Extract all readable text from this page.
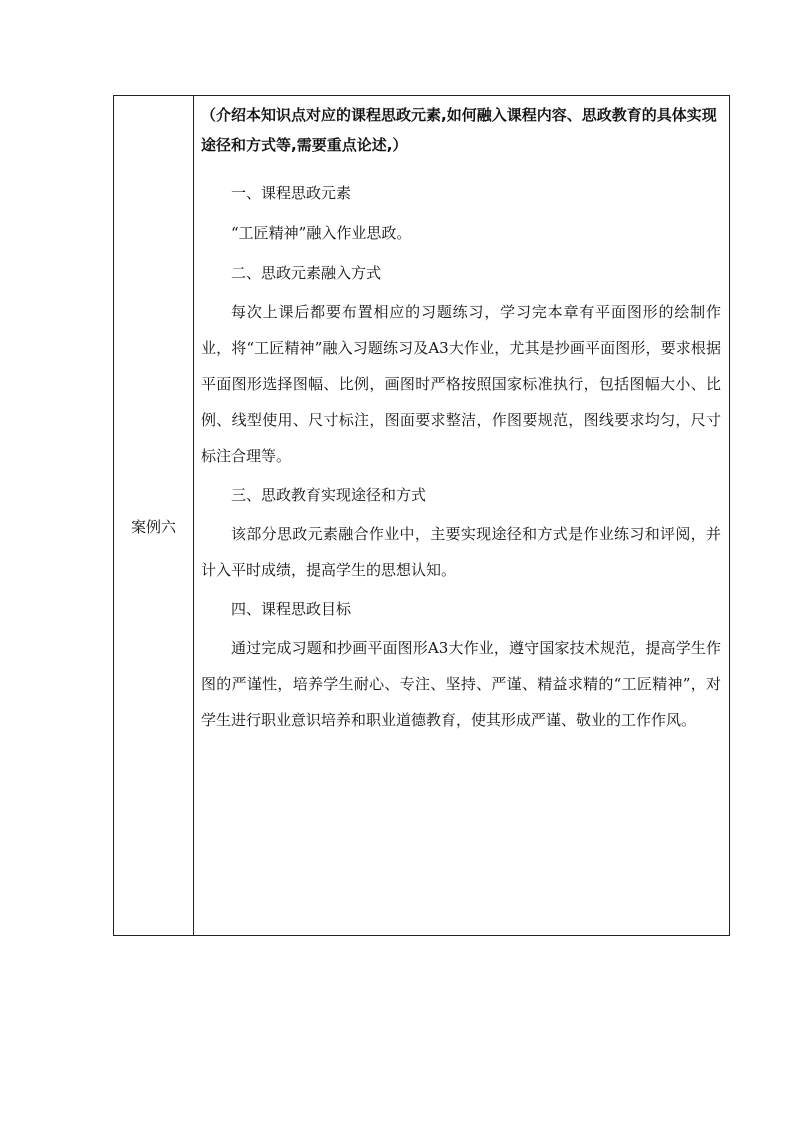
案例六

（介绍本知识点对应的课程思政元素,如何融入课程内容、思政教育的具体实现途径和方式等,需要重点论述,）

一、课程思政元素

“工匠精神”融入作业思政。

二、思政元素融入方式

每次上课后都要布置相应的习题练习，学习完本章有平面图形的绘制作业，将“工匠精神”融入习题练习及A3大作业，尤其是抄画平面图形，要求根据平面图形选择图幅、比例，画图时严格按照国家标准执行，包括图幅大小、比例、线型使用、尺寸标注，图面要求整洁，作图要规范，图线要求均匀，尺寸标注合理等。

三、思政教育实现途径和方式

该部分思政元素融合作业中，主要实现途径和方式是作业练习和评阅，并计入平时成绩，提高学生的思想认知。

四、课程思政目标

通过完成习题和抄画平面图形A3大作业，遵守国家技术规范，提高学生作图的严谨性，培养学生耐心、专注、坚持、严谨、精益求精的“工匠精神”，对学生进行职业意识培养和职业道德教育，使其形成严谨、敬业的工作作风。
